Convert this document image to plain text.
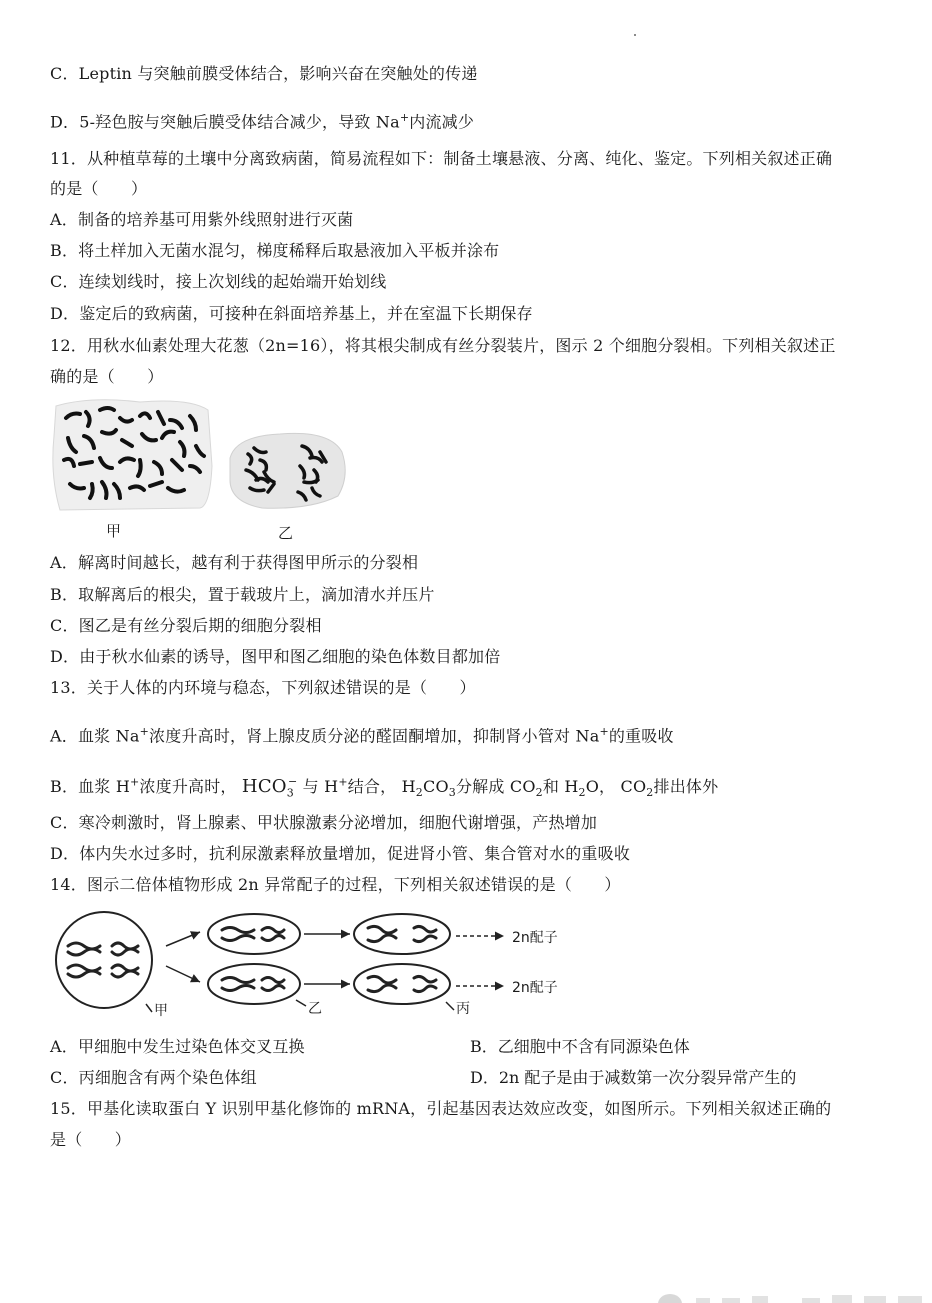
C．Leptin 与突触前膜受体结合，影响兴奋在突触处的传递
D．5-羟色胺与突触后膜受体结合减少，导致 Na+内流减少
11．从种植草莓的土壤中分离致病菌，简易流程如下：制备土壤悬液、分离、纯化、鉴定。下列相关叙述正确
的是（　　）
A．制备的培养基可用紫外线照射进行灭菌
B．将土样加入无菌水混匀，梯度稀释后取悬液加入平板并涂布
C．连续划线时，接上次划线的起始端开始划线
D．鉴定后的致病菌，可接种在斜面培养基上，并在室温下长期保存
12．用秋水仙素处理大花葱（2n=16），将其根尖制成有丝分裂装片，图示 2 个细胞分裂相。下列相关叙述正
确的是（　　）
甲	乙
A．解离时间越长，越有利于获得图甲所示的分裂相
B．取解离后的根尖，置于载玻片上，滴加清水并压片
C．图乙是有丝分裂后期的细胞分裂相
D．由于秋水仙素的诱导，图甲和图乙细胞的染色体数目都加倍
13．关于人体的内环境与稳态，下列叙述错误的是（　　）
A．血浆 Na+浓度升高时，肾上腺皮质分泌的醛固酮增加，抑制肾小管对 Na+的重吸收
B．血浆 H+浓度升高时， $HCO_3^-$ 与 H+结合， $H_2CO_3$分解成 $CO_2$和 $H_2O$， $CO_2$排出体外
C．寒冷刺激时，肾上腺素、甲状腺激素分泌增加，细胞代谢增强，产热增加
D．体内失水过多时，抗利尿激素释放量增加，促进肾小管、集合管对水的重吸收
14．图示二倍体植物形成 2n 异常配子的过程，下列相关叙述错误的是（　　）
甲	乙	丙
2n配子
2n配子
A．甲细胞中发生过染色体交叉互换	B．乙细胞中不含有同源染色体
C．丙细胞含有两个染色体组	D．2n 配子是由于减数第一次分裂异常产生的
15．甲基化读取蛋白 Y 识别甲基化修饰的 mRNA，引起基因表达效应改变，如图所示。下列相关叙述正确的
是（　　）
